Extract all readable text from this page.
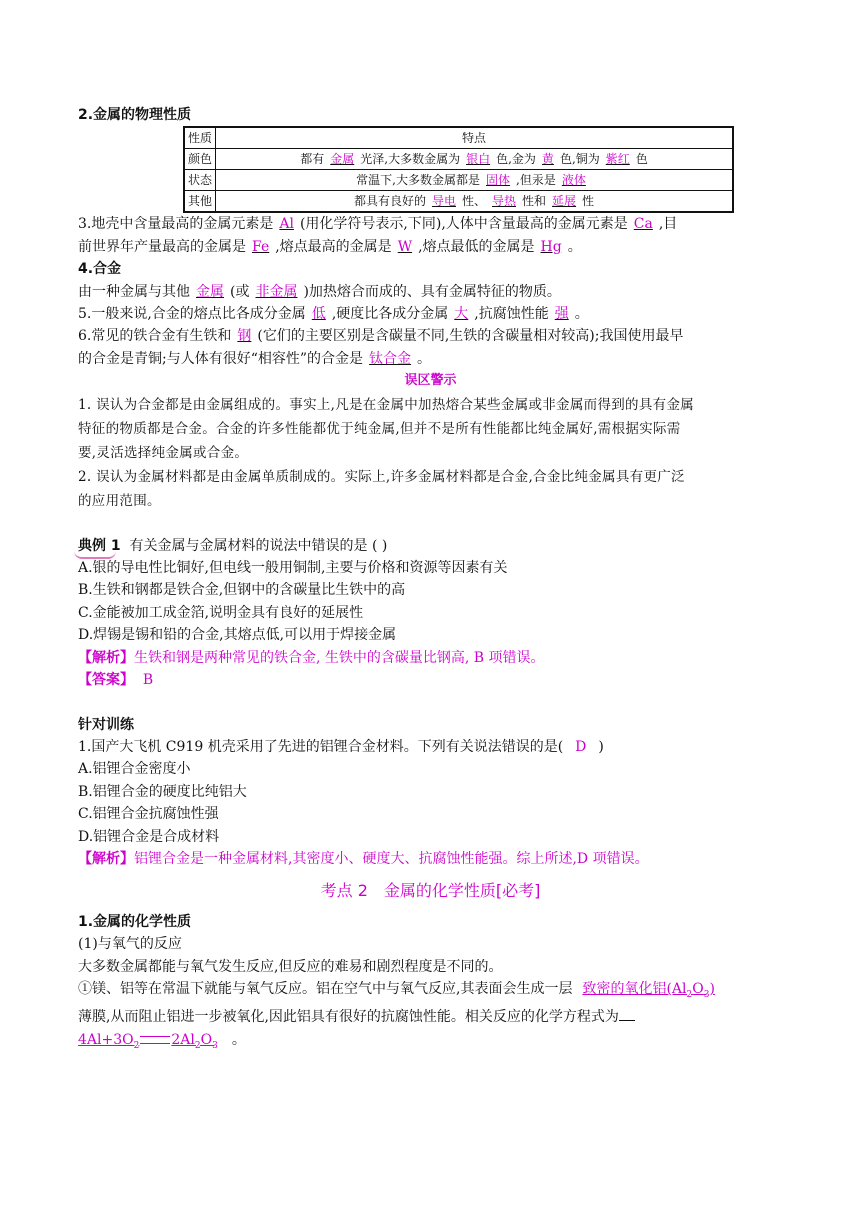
2.金属的物理性质
性质	特点
颜色	都有 金属 光泽,大多数金属为 银白 色,金为 黄 色,铜为 紫红 色
状态	常温下,大多数金属都是 固体 ,但汞是 液体
其他	都具有良好的 导电 性、 导热 性和 延展 性
3.地壳中含量最高的金属元素是 Al (用化学符号表示,下同),人体中含量最高的金属元素是 Ca ,目
前世界年产量最高的金属是 Fe ,熔点最高的金属是 W ,熔点最低的金属是 Hg 。
4.合金
由一种金属与其他 金属 (或 非金属 )加热熔合而成的、具有金属特征的物质。
5.一般来说,合金的熔点比各成分金属 低 ,硬度比各成分金属 大 ,抗腐蚀性能 强 。
6.常见的铁合金有生铁和 钢 (它们的主要区别是含碳量不同,生铁的含碳量相对较高);我国使用最早
的合金是青铜;与人体有很好“相容性”的合金是 钛合金 。
误区警示
1. 误认为合金都是由金属组成的。事实上,凡是在金属中加热熔合某些金属或非金属而得到的具有金属
特征的物质都是合金。合金的许多性能都优于纯金属,但并不是所有性能都比纯金属好,需根据实际需
要,灵活选择纯金属或合金。
2. 误认为金属材料都是由金属单质制成的。实际上,许多金属材料都是合金,合金比纯金属具有更广泛
的应用范围。
典例 1 有关金属与金属材料的说法中错误的是 ( )
A.银的导电性比铜好,但电线一般用铜制,主要与价格和资源等因素有关
B.生铁和钢都是铁合金,但钢中的含碳量比生铁中的高
C.金能被加工成金箔,说明金具有良好的延展性
D.焊锡是锡和铅的合金,其熔点低,可以用于焊接金属
【解析】生铁和钢是两种常见的铁合金, 生铁中的含碳量比钢高, B 项错误。
【答案】 B
针对训练
1.国产大飞机 C919 机壳采用了先进的铝锂合金材料。下列有关说法错误的是( D )
A.铝锂合金密度小
B.铝锂合金的硬度比纯铝大
C.铝锂合金抗腐蚀性强
D.铝锂合金是合成材料
【解析】铝锂合金是一种金属材料,其密度小、硬度大、抗腐蚀性能强。综上所述,D 项错误。
考点 2　金属的化学性质[必考]
1.金属的化学性质
(1)与氧气的反应
大多数金属都能与氧气发生反应,但反应的难易和剧烈程度是不同的。
①镁、铝等在常温下就能与氧气反应。铝在空气中与氧气反应,其表面会生成一层 致密的氧化铝$(Al_2O_3)$
薄膜,从而阻止铝进一步被氧化,因此铝具有很好的抗腐蚀性能。相关反应的化学方程式为
$4Al+3O_2$ $2Al_2O_3$ 。
